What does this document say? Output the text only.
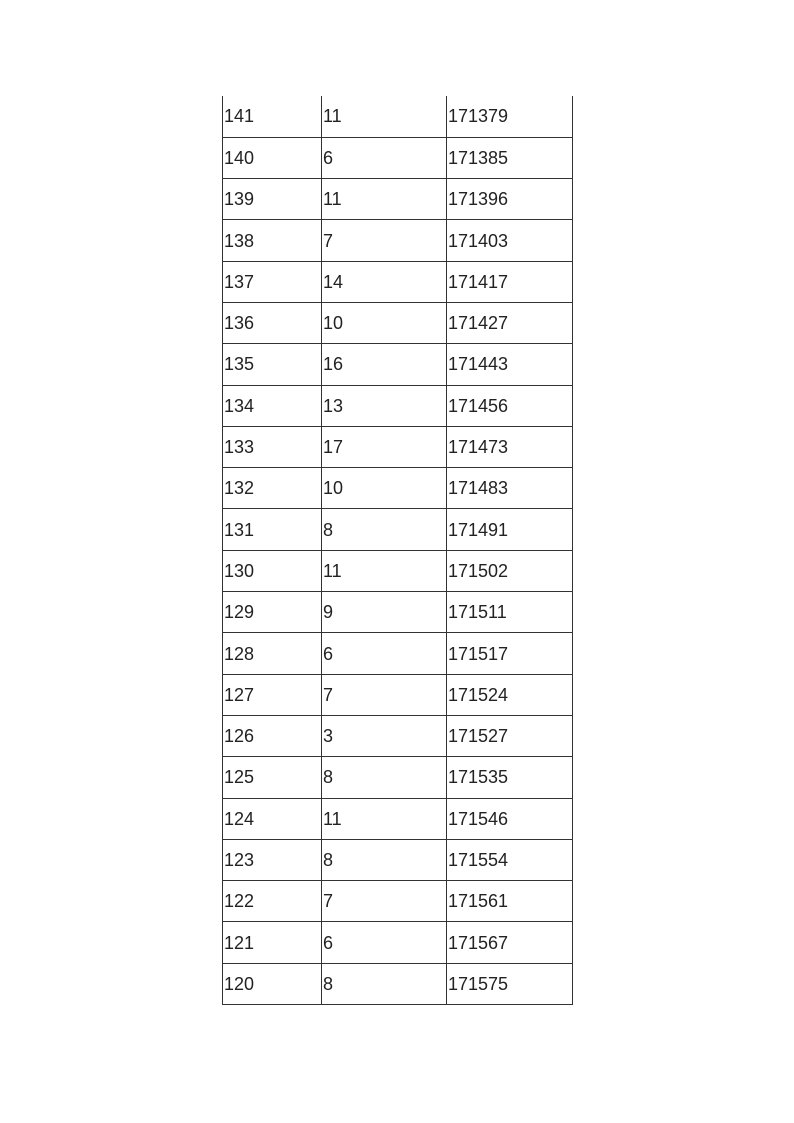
141	11	171379
140	6	171385
139	11	171396
138	7	171403
137	14	171417
136	10	171427
135	16	171443
134	13	171456
133	17	171473
132	10	171483
131	8	171491
130	11	171502
129	9	171511
128	6	171517
127	7	171524
126	3	171527
125	8	171535
124	11	171546
123	8	171554
122	7	171561
121	6	171567
120	8	171575
